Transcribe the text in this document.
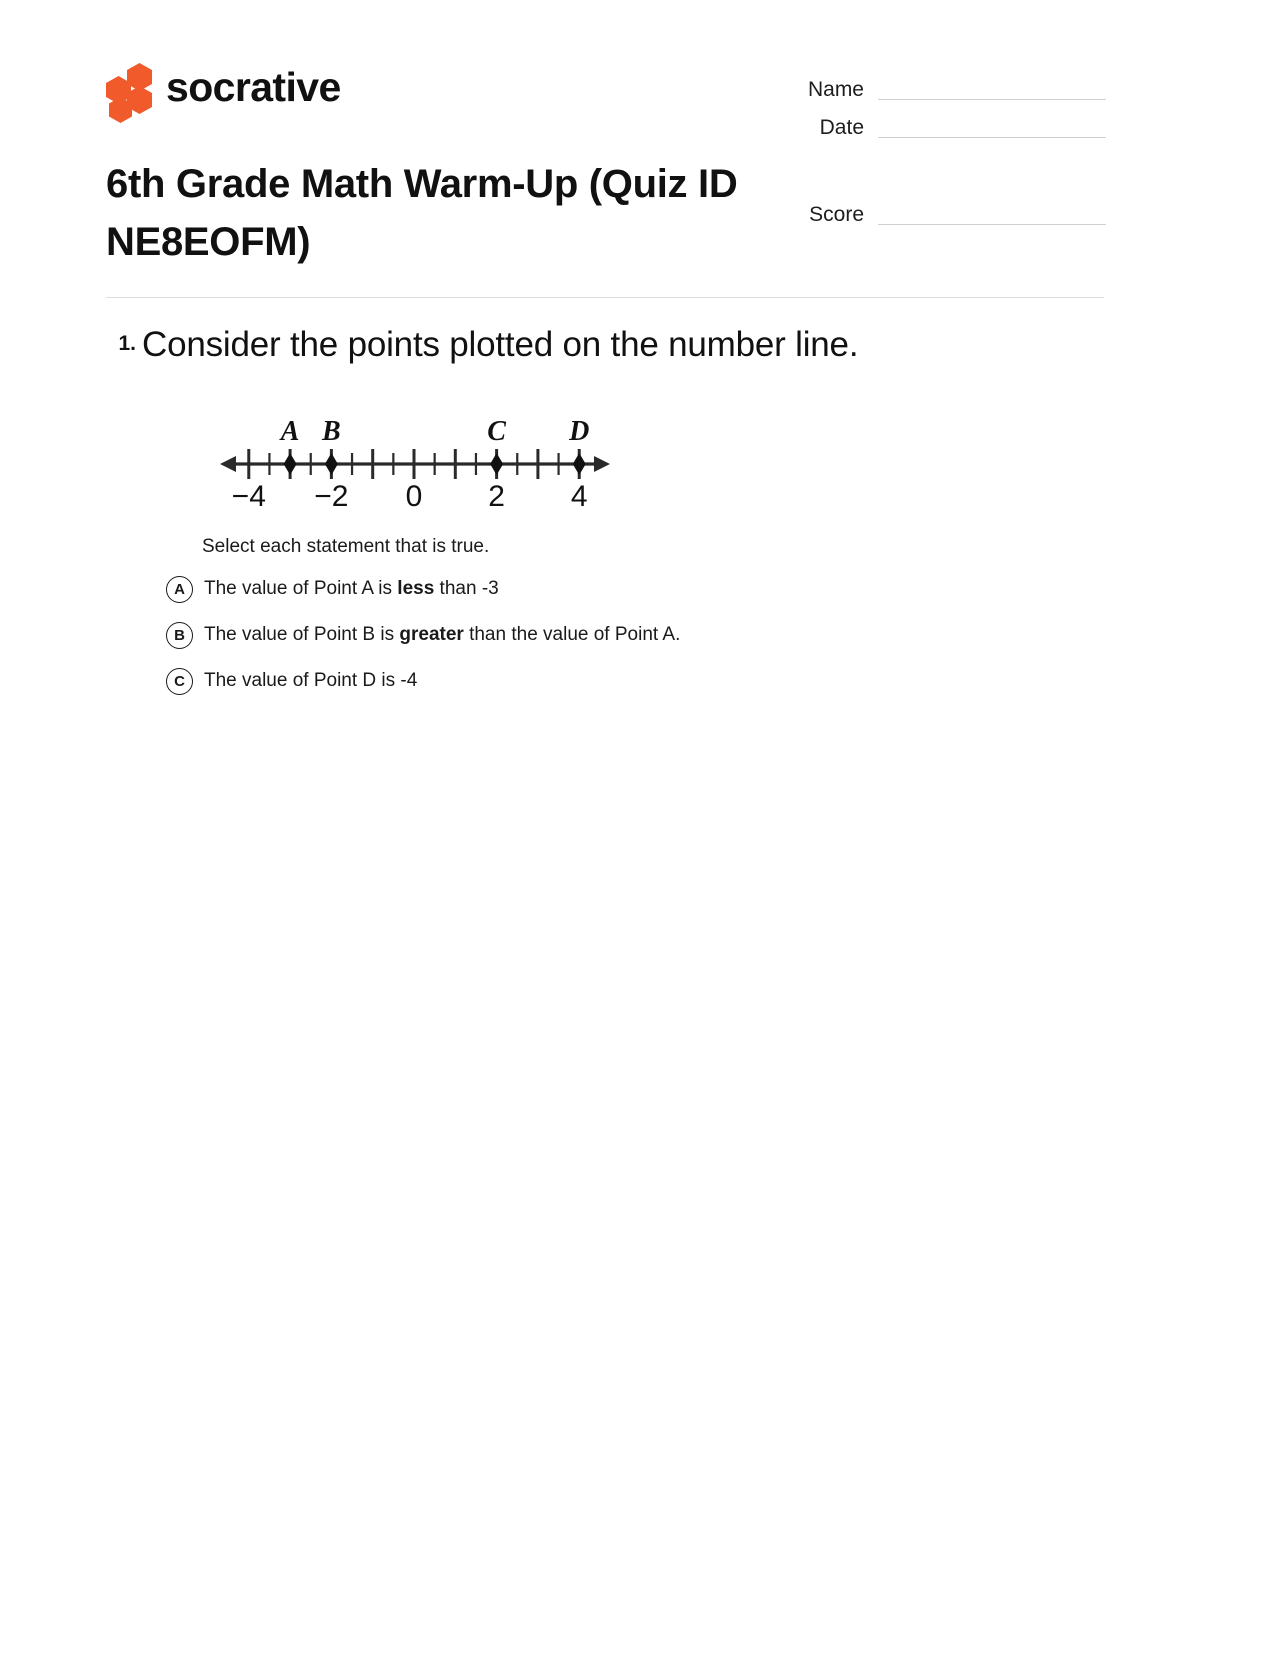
socrative	Name
Date
Score
6th Grade Math Warm-Up (Quiz ID NE8EOFM)
1. Consider the points plotted on the number line.
−4 −2 0 2 4
A B	C D
Select each statement that is true.
A	The value of Point A is less than -3
B	The value of Point B is greater than the value of Point A.
C	The value of Point D is -4
